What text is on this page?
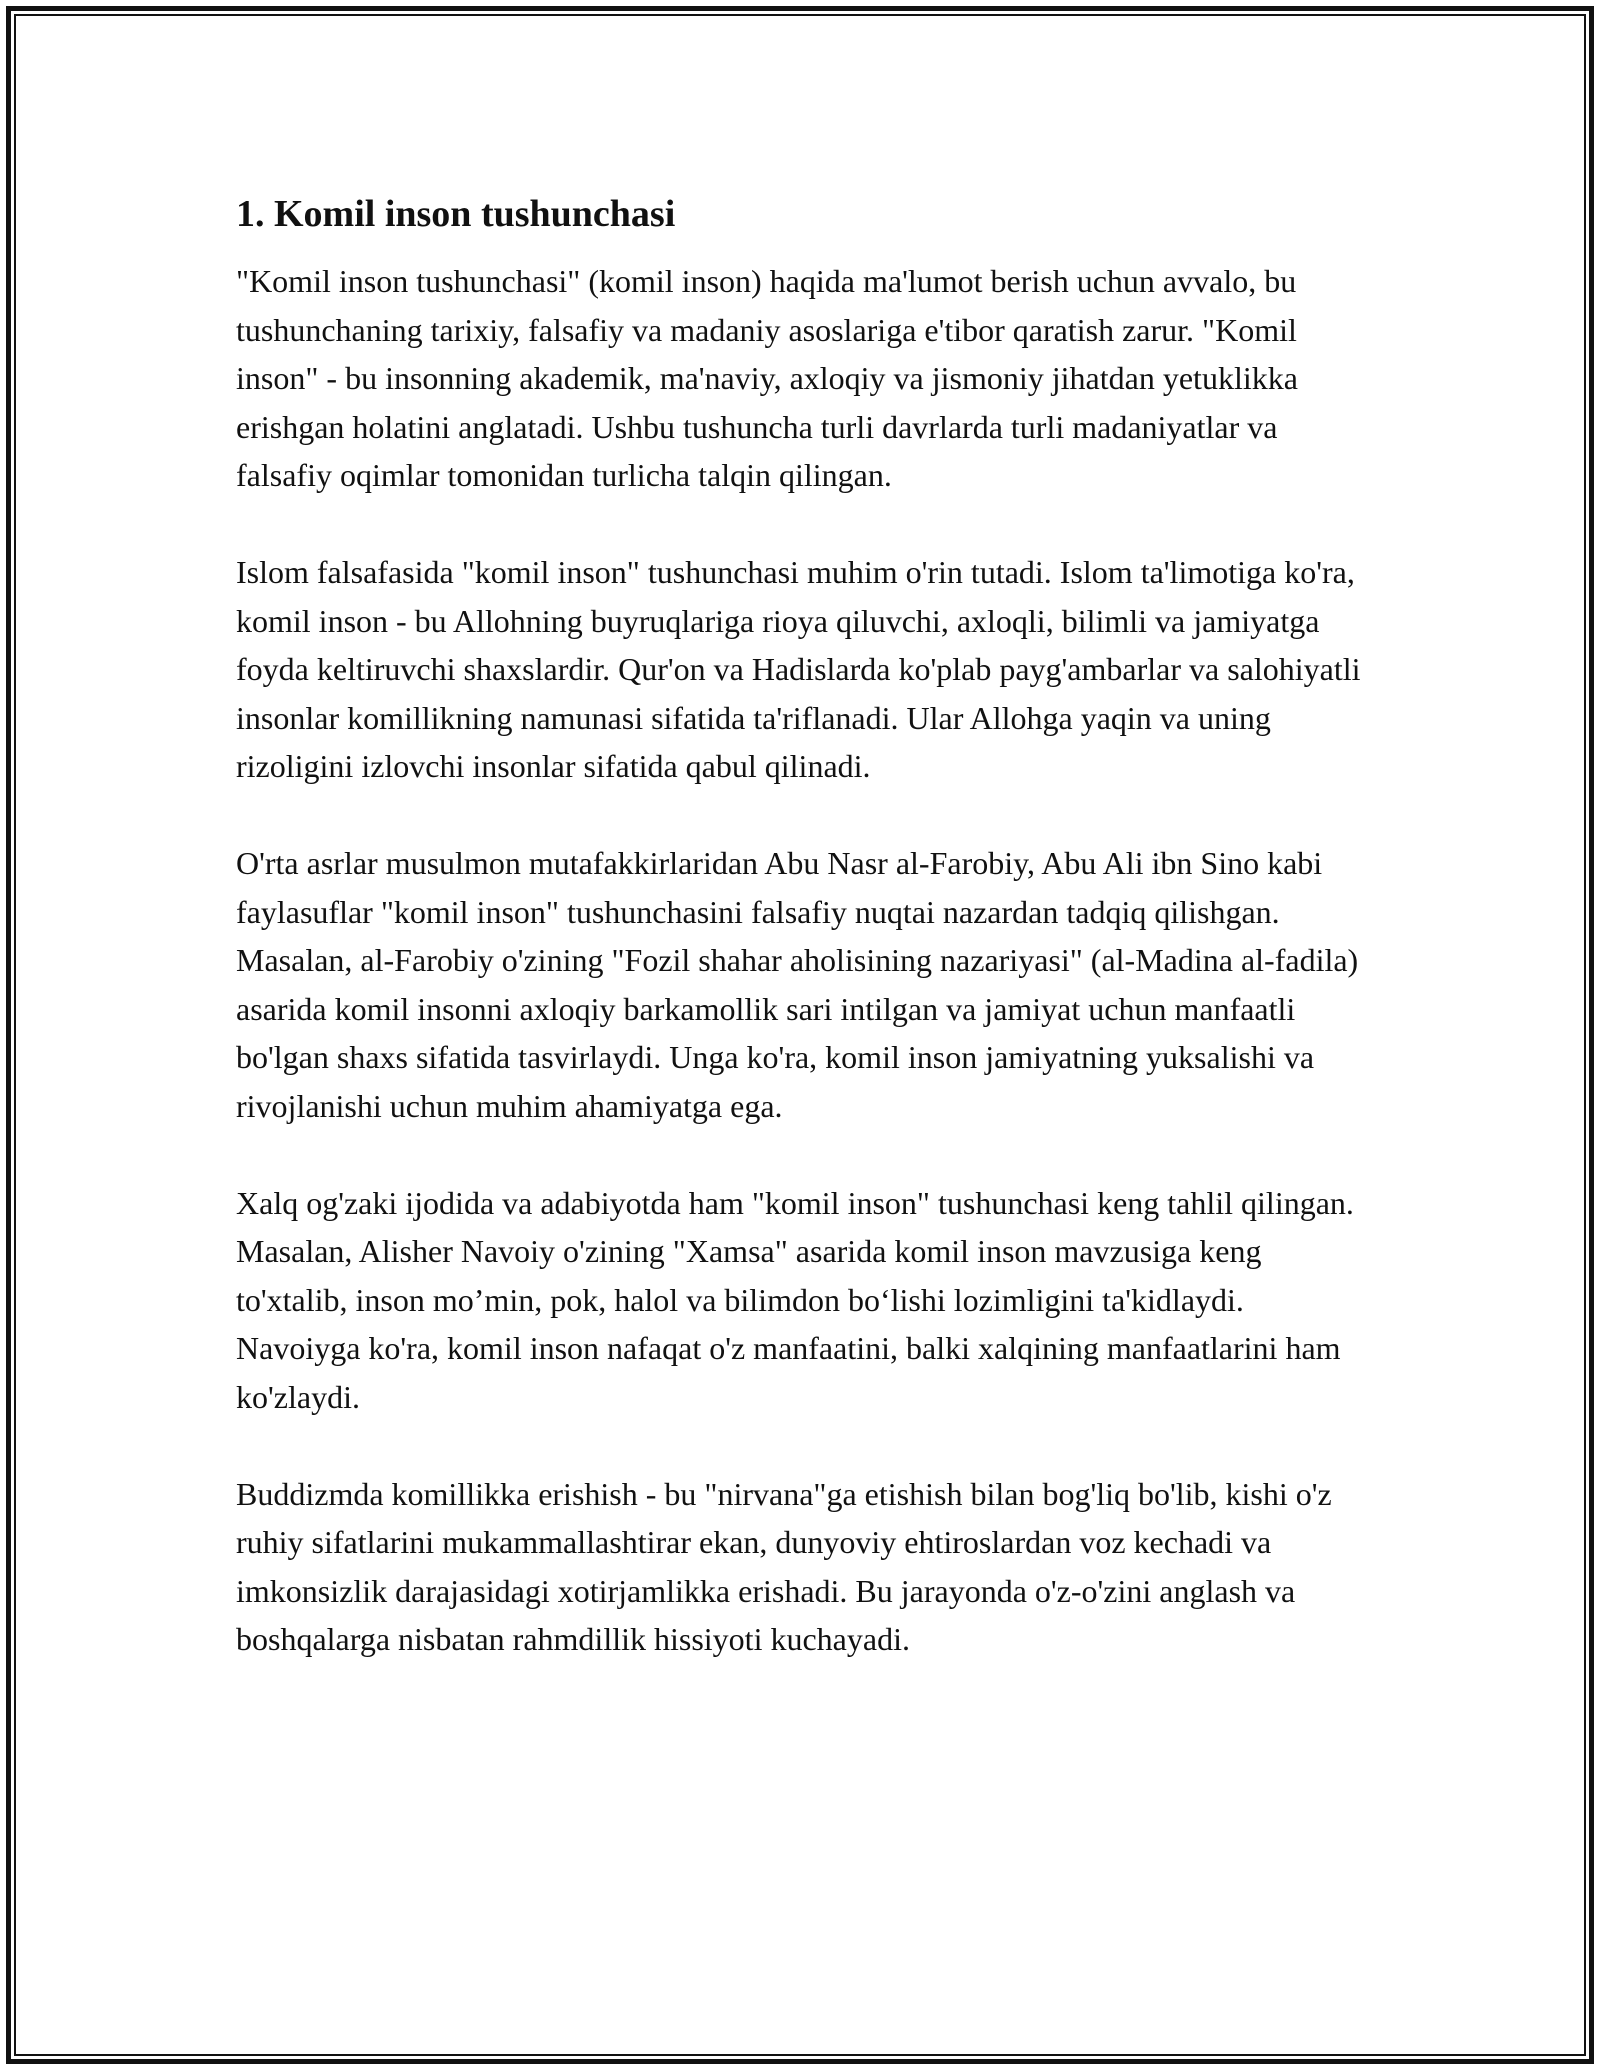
1. Komil inson tushunchasi

"Komil inson tushunchasi" (komil inson) haqida ma'lumot berish uchun avvalo, bu tushunchaning tarixiy, falsafiy va madaniy asoslariga e'tibor qaratish zarur. "Komil inson" - bu insonning akademik, ma'naviy, axloqiy va jismoniy jihatdan yetuklikka erishgan holatini anglatadi. Ushbu tushuncha turli davrlarda turli madaniyatlar va falsafiy oqimlar tomonidan turlicha talqin qilingan.

Islom falsafasida "komil inson" tushunchasi muhim o'rin tutadi. Islom ta'limotiga ko'ra, komil inson - bu Allohning buyruqlariga rioya qiluvchi, axloqli, bilimli va jamiyatga foyda keltiruvchi shaxslardir. Qur'on va Hadislarda ko'plab payg'ambarlar va salohiyatli insonlar komillikning namunasi sifatida ta'riflanadi. Ular Allohga yaqin va uning rizoligini izlovchi insonlar sifatida qabul qilinadi.

O'rta asrlar musulmon mutafakkirlaridan Abu Nasr al-Farobiy, Abu Ali ibn Sino kabi faylasuflar "komil inson" tushunchasini falsafiy nuqtai nazardan tadqiq qilishgan. Masalan, al-Farobiy o'zining "Fozil shahar aholisining nazariyasi" (al-Madina al-fadila) asarida komil insonni axloqiy barkamollik sari intilgan va jamiyat uchun manfaatli bo'lgan shaxs sifatida tasvirlaydi. Unga ko'ra, komil inson jamiyatning yuksalishi va rivojlanishi uchun muhim ahamiyatga ega.

Xalq og'zaki ijodida va adabiyotda ham "komil inson" tushunchasi keng tahlil qilingan. Masalan, Alisher Navoiy o'zining "Xamsa" asarida komil inson mavzusiga keng to'xtalib, inson mo’min, pok, halol va bilimdon bo‘lishi lozimligini ta'kidlaydi. Navoiyga ko'ra, komil inson nafaqat o'z manfaatini, balki xalqining manfaatlarini ham ko'zlaydi.

Buddizmda komillikka erishish - bu "nirvana"ga etishish bilan bog'liq bo'lib, kishi o'z ruhiy sifatlarini mukammallashtirar ekan, dunyoviy ehtiroslardan voz kechadi va imkonsizlik darajasidagi xotirjamlikka erishadi. Bu jarayonda o'z-o'zini anglash va boshqalarga nisbatan rahmdillik hissiyoti kuchayadi.
